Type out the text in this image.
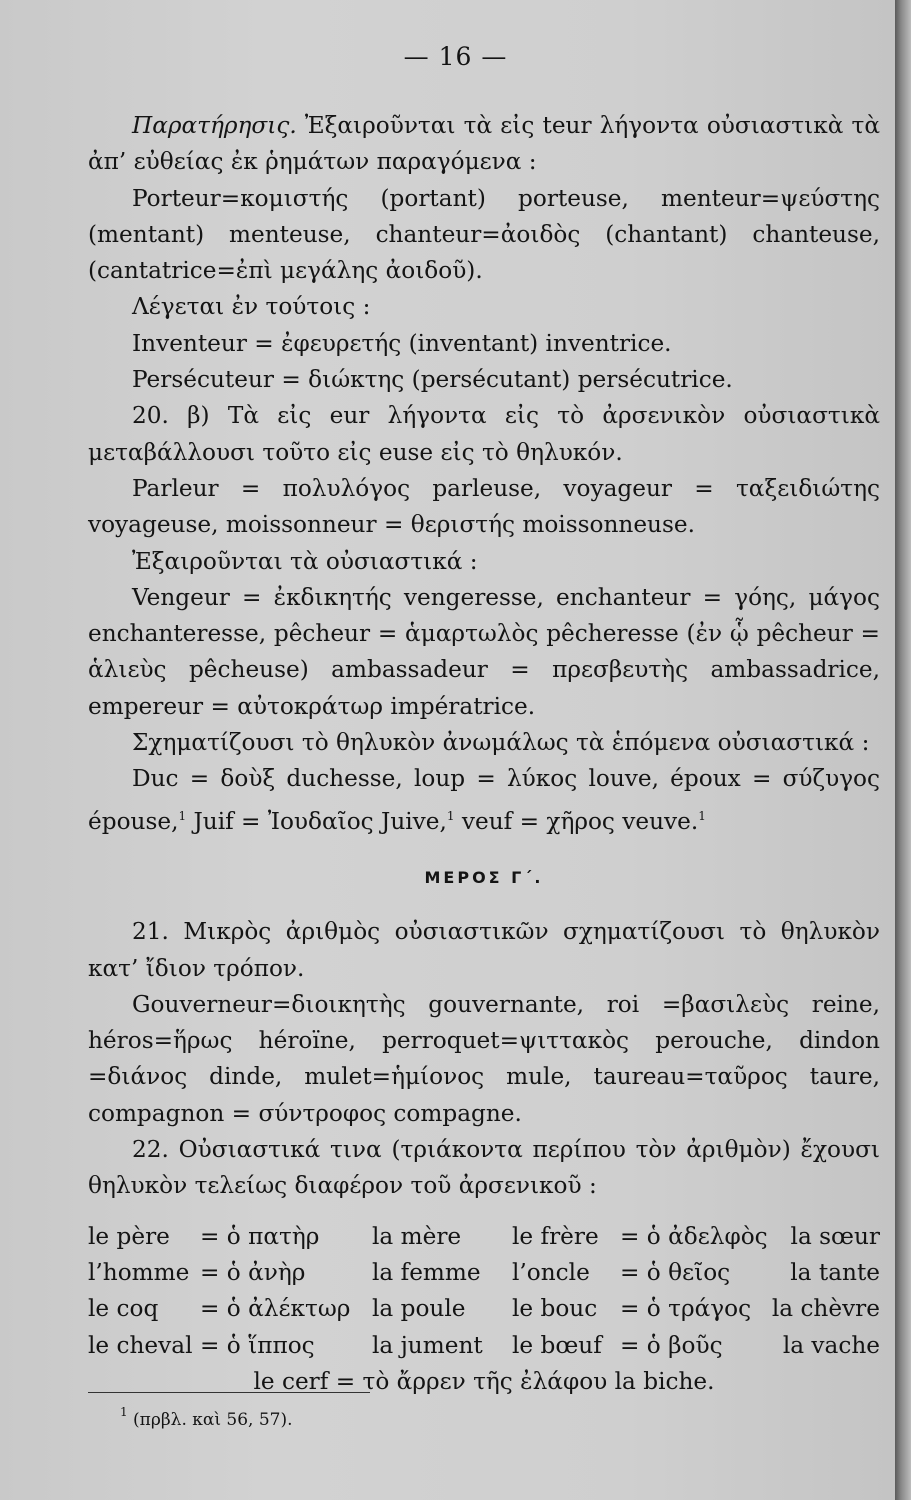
— 16 —

Παρατήρησις. Ἐξαιροῦνται τὰ εἰς teur λήγοντα οὐσιαστικὰ τὰ ἀπ’ εὐθείας ἐκ ῥημάτων παραγόμενα :

Porteur=κομιστής (portant) porteuse, menteur=ψεύστης (mentant) menteuse, chanteur=ἀοιδὸς (chantant) chanteuse, (cantatrice=ἐπὶ μεγάλης ἀοιδοῦ).

Λέγεται ἐν τούτοις :

Inventeur = ἐφευρετής (inventant) inventrice.

Persécuteur = διώκτης (persécutant) persécutrice.

20. β) Τὰ εἰς eur λήγοντα εἰς τὸ ἀρσενικὸν οὐσιαστικὰ μεταβάλλουσι τοῦτο εἰς euse εἰς τὸ θηλυκόν.

Parleur = πολυλόγος parleuse, voyageur = ταξειδιώτης voyageuse, moissonneur = θεριστής moissonneuse.

Ἐξαιροῦνται τὰ οὐσιαστικά :

Vengeur = ἐκδικητής vengeresse, enchanteur = γόης, μάγος enchanteresse, pêcheur = ἁμαρτωλὸς pêcheresse (ἐν ᾧ pêcheur = ἁλιεὺς pêcheuse) ambassadeur = πρεσβευτὴς ambassadrice, empereur = αὐτοκράτωρ impératrice.

Σχηματίζουσι τὸ θηλυκὸν ἀνωμάλως τὰ ἑπόμενα οὐσιαστικά :

Duc = δοὺξ duchesse, loup = λύκος louve, époux = σύζυγος épouse,$^1$ Juif = Ἰουδαῖος Juive,$^1$ veuf = χῆρος veuve.$^1$

ΜΕΡΟΣ Γ΄.

21. Μικρὸς ἀριθμὸς οὐσιαστικῶν σχηματίζουσι τὸ θηλυκὸν κατ’ ἴδιον τρόπον.

Gouverneur=διοικητὴς gouvernante, roi =βασιλεὺς reine, héros=ἥρως héroïne, perroquet=ψιττακὸς perouche, dindon =διάνος dinde, mulet=ἡμίονος mule, taureau=ταῦρος taure, compagnon = σύντροφος compagne.

22. Οὐσιαστικά τινα (τριάκοντα περίπου τὸν ἀριθμὸν) ἔχουσι θηλυκὸν τελείως διαφέρον τοῦ ἀρσενικοῦ :

le père	= ὁ πατὴρ	la mère	le frère	= ὁ ἀδελφὸς	la sœur
l’homme	= ὁ ἀνὴρ	la femme	l’oncle	= ὁ θεῖος	la tante
le coq	= ὁ ἀλέκτωρ	la poule	le bouc	= ὁ τράγος	la chèvre
le cheval	= ὁ ἵππος	la jument	le bœuf	= ὁ βοῦς	la vache
le cerf = τὸ ἄρρεν τῆς ἐλάφου la biche.					
$^1$ (πρβλ. καὶ 56, 57).
